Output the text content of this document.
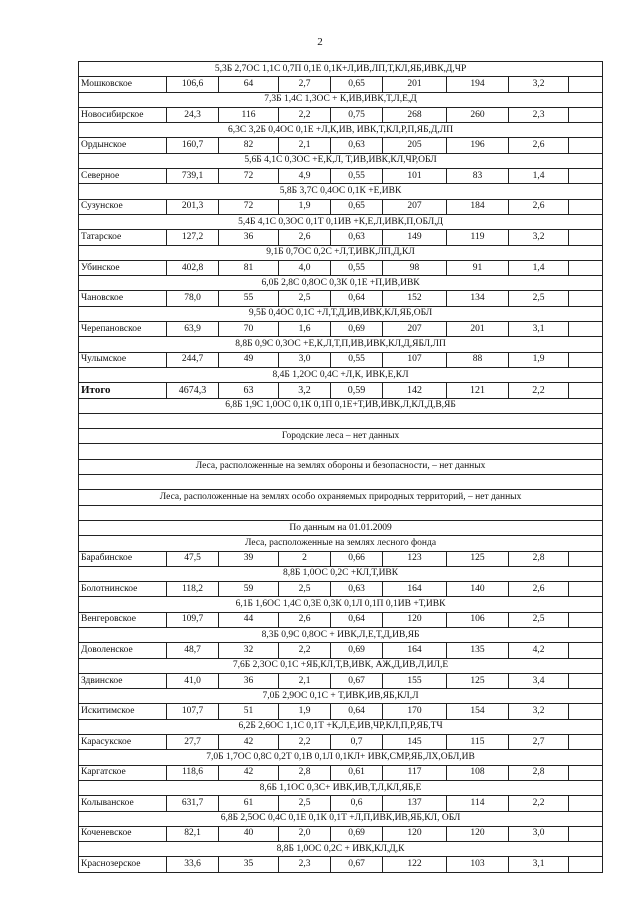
2
5,3Б 2,7ОС 1,1С 0,7П 0,1Е 0,1К+Л,ИВ,ЛП,Т,КЛ,ЯБ,ИВК,Д,ЧР								
Мошковское	106,6	64	2,7	0,65	201	194	3,2	
7,3Б 1,4С 1,3ОС + К,ИВ,ИВК,Т,Л,Е,Д								
Новосибирское	24,3	116	2,2	0,75	268	260	2,3	
6,3С 3,2Б 0,4ОС 0,1Е +Л,К,ИВ, ИВК,Т,КЛ,Р,П,ЯБ,Д,ЛП								
Ордынское	160,7	82	2,1	0,63	205	196	2,6	
5,6Б 4,1С 0,3ОС +Е,К,Л, Т,ИВ,ИВК,КЛ,ЧР,ОБЛ								
Северное	739,1	72	4,9	0,55	101	83	1,4	
5,8Б 3,7С 0,4ОС 0,1К +Е,ИВК								
Сузунское	201,3	72	1,9	0,65	207	184	2,6	
5,4Б 4,1С 0,3ОС 0,1Т 0,1ИВ +К,Е,Л,ИВК,П,ОБЛ,Д								
Татарское	127,2	36	2,6	0,63	149	119	3,2	
9,1Б 0,7ОС 0,2С +Л,Т,ИВК,ЛП,Д,КЛ								
Убинское	402,8	81	4,0	0,55	98	91	1,4	
6,0Б 2,8С 0,8ОС 0,3К 0,1Е +П,ИВ,ИВК								
Чановское	78,0	55	2,5	0,64	152	134	2,5	
9,5Б 0,4ОС 0,1С +Л,Т,Д,ИВ,ИВК,КЛ,ЯБ,ОБЛ								
Черепановское	63,9	70	1,6	0,69	207	201	3,1	
8,8Б 0,9С 0,3ОС +Е,К,Л,Т,П,ИВ,ИВК,КЛ,Д,ЯБЛ,ЛП								
Чулымское	244,7	49	3,0	0,55	107	88	1,9	
8,4Б 1,2ОС 0,4С +Л,К, ИВК,Е,КЛ								
Итого	4674,3	63	3,2	0,59	142	121	2,2	
6,8Б 1,9С 1,0ОС 0,1К 0,1П 0,1Е+Т,ИВ,ИВК,Л,КЛ,Д,В,ЯБ								

Городские леса – нет данных								

Леса, расположенные на землях обороны и безопасности, – нет данных								

Леса, расположенные на землях особо охраняемых природных территорий, – нет данных								

По данным на 01.01.2009								
Леса, расположенные на землях лесного фонда								
Барабинское	47,5	39	2	0,66	123	125	2,8	
8,8Б 1,0ОС 0,2С +КЛ,Т,ИВК								
Болотнинское	118,2	59	2,5	0,63	164	140	2,6	
6,1Б 1,6ОС 1,4С 0,3Е 0,3К 0,1Л 0,1П 0,1ИВ +Т,ИВК								
Венгеровское	109,7	44	2,6	0,64	120	106	2,5	
8,3Б 0,9С 0,8ОС + ИВК,Л,Е,Т,Д,ИВ,ЯБ								
Доволенское	48,7	32	2,2	0,69	164	135	4,2	
7,6Б 2,3ОС 0,1С +ЯБ,КЛ,Т,В,ИВК, АЖ,Д,ИВ,Л,ИЛ,Е								
Здвинское	41,0	36	2,1	0,67	155	125	3,4	
7,0Б 2,9ОС 0,1С + Т,ИВК,ИВ,ЯБ,КЛ,Л								
Искитимское	107,7	51	1,9	0,64	170	154	3,2	
6,2Б 2,6ОС 1,1С 0,1Т +К,Л,Е,ИВ,ЧР,КЛ,П,Р,ЯБ,ТЧ								
Карасукское	27,7	42	2,2	0,7	145	115	2,7	
7,0Б 1,7ОС 0,8С 0,2Т 0,1В 0,1Л 0,1КЛ+ ИВК,СМР,ЯБ,ЛХ,ОБЛ,ИВ								
Каргатское	118,6	42	2,8	0,61	117	108	2,8	
8,6Б 1,1ОС 0,3С+ ИВК,ИВ,Т,Л,КЛ,ЯБ,Е								
Колыванское	631,7	61	2,5	0,6	137	114	2,2	
6,8Б 2,5ОС 0,4С 0,1Е 0,1К 0,1Т +Л,П,ИВК,ИВ,ЯБ,КЛ, ОБЛ								
Коченевское	82,1	40	2,0	0,69	120	120	3,0	
8,8Б 1,0ОС 0,2С + ИВК,КЛ,Д,К								
Краснозерское	33,6	35	2,3	0,67	122	103	3,1	
